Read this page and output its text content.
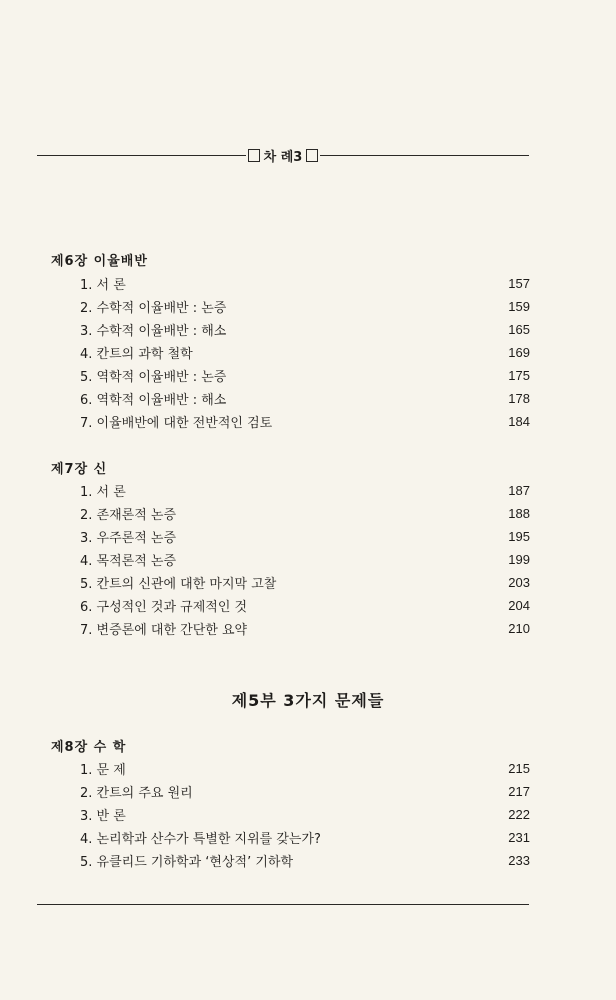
차 례3
제6장 이율배반
1. 서 론	157
2. 수학적 이율배반 : 논증	159
3. 수학적 이율배반 : 해소	165
4. 칸트의 과학 철학	169
5. 역학적 이율배반 : 논증	175
6. 역학적 이율배반 : 해소	178
7. 이율배반에 대한 전반적인 검토	184
제7장 신
1. 서 론	187
2. 존재론적 논증	188
3. 우주론적 논증	195
4. 목적론적 논증	199
5. 칸트의 신관에 대한 마지막 고찰	203
6. 구성적인 것과 규제적인 것	204
7. 변증론에 대한 간단한 요약	210
제5부 3가지 문제들
제8장 수 학
1. 문 제	215
2. 칸트의 주요 원리	217
3. 반 론	222
4. 논리학과 산수가 특별한 지위를 갖는가?	231
5. 유클리드 기하학과 ‘현상적’ 기하학	233
